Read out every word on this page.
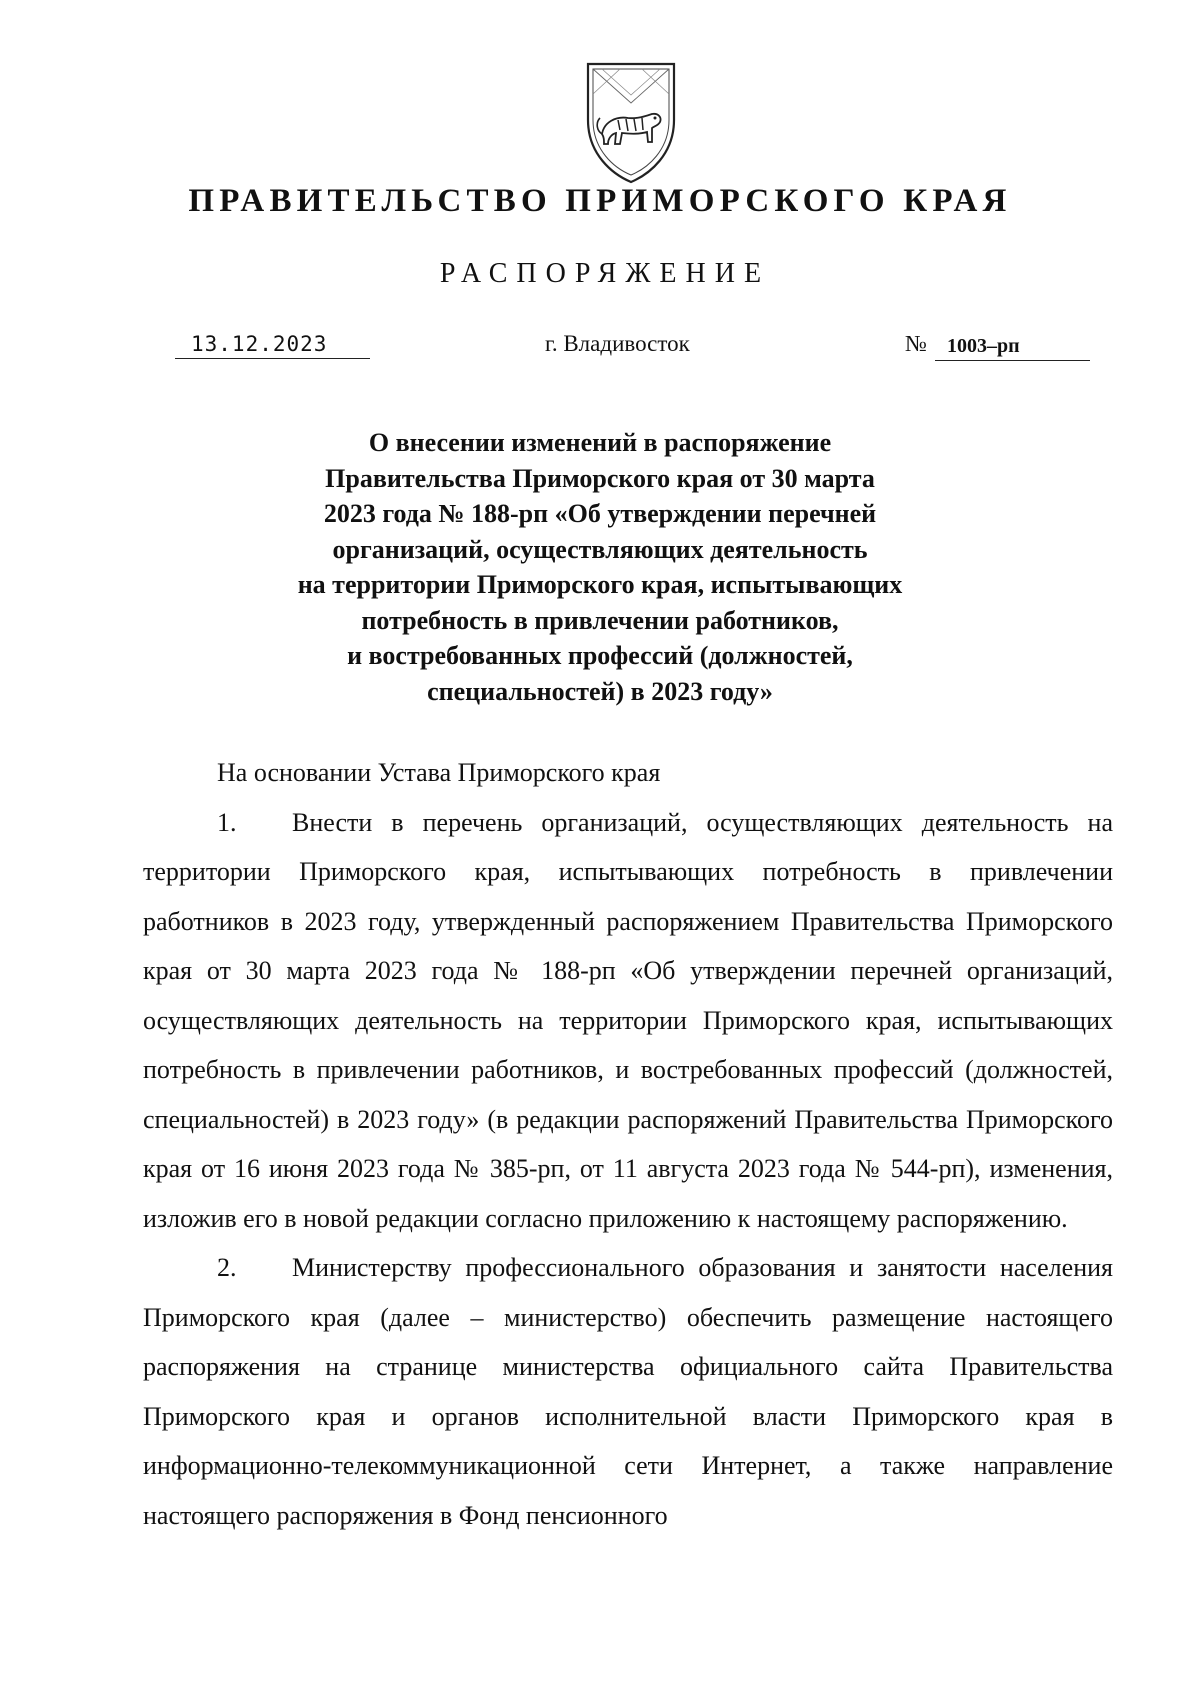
ПРАВИТЕЛЬСТВО ПРИМОРСКОГО КРАЯ
РАСПОРЯЖЕНИЕ
13.12.2023	г. Владивосток	№	1003–рп
О внесении изменений в распоряжение
Правительства Приморского края от 30 марта
2023 года № 188-рп «Об утверждении перечней
организаций, осуществляющих деятельность
на территории Приморского края, испытывающих
потребность в привлечении работников,
и востребованных профессий (должностей,
специальностей) в 2023 году»
На основании Устава Приморского края
1. Внести в перечень организаций, осуществляющих деятельность на территории Приморского края, испытывающих потребность в привлечении работников в 2023 году, утвержденный распоряжением Правительства Приморского края от 30 марта 2023 года № 188-рп «Об утверждении перечней организаций, осуществляющих деятельность на территории Приморского края, испытывающих потребность в привлечении работников, и востребованных профессий (должностей, специальностей) в 2023 году» (в редакции распоряжений Правительства Приморского края от 16 июня 2023 года № 385-рп, от 11 августа 2023 года № 544-рп), изменения, изложив его в новой редакции согласно приложению к настоящему распоряжению.
2. Министерству профессионального образования и занятости населения Приморского края (далее – министерство) обеспечить размещение настоящего распоряжения на странице министерства официального сайта Правительства Приморского края и органов исполнительной власти Приморского края в информационно-телекоммуникационной сети Интернет, а также направление настоящего распоряжения в Фонд пенсионного
